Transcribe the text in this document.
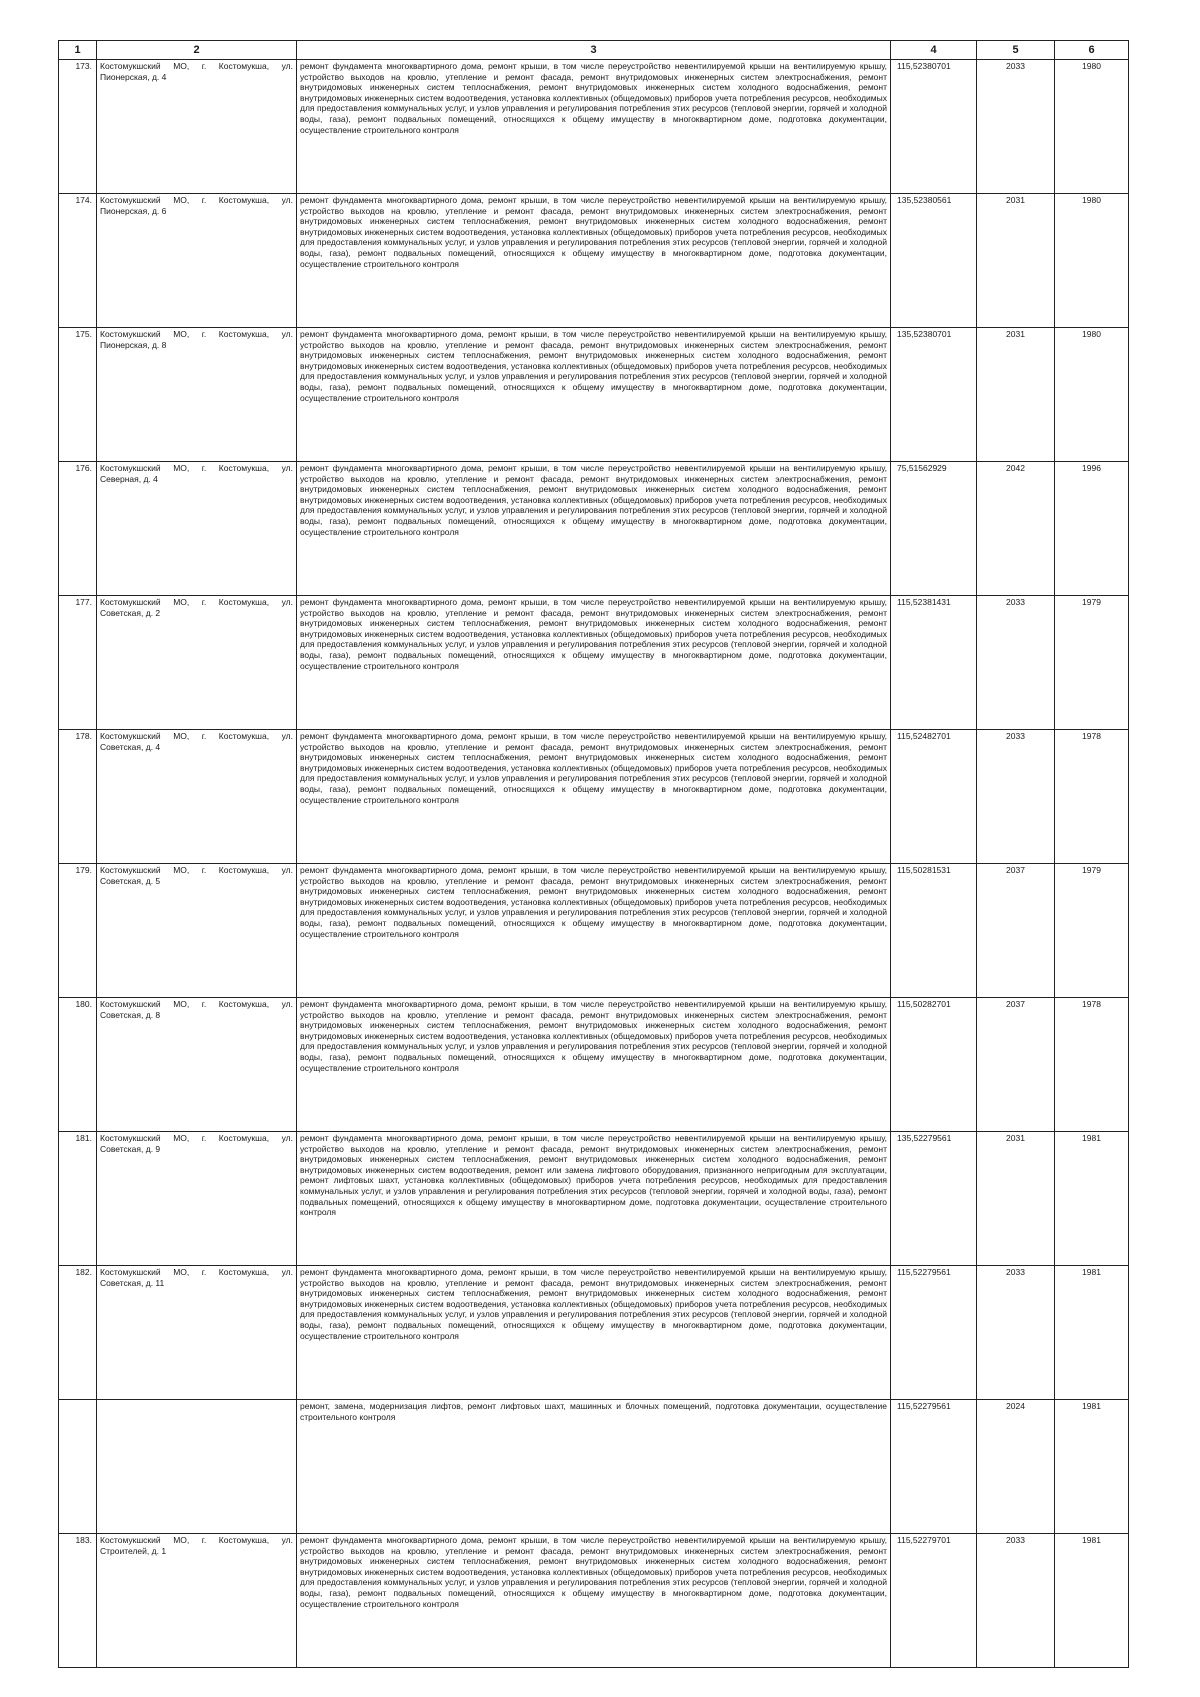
1	2	3	4	5	6
173.	Костомукшский МО, г. Костомукша, ул. Пионерская, д. 4	ремонт фундамента многоквартирного дома, ремонт крыши, в том числе переустройство невентилируемой крыши на вентилируемую крышу, устройство выходов на кровлю, утепление и ремонт фасада, ремонт внутридомовых инженерных систем электроснабжения, ремонт внутридомовых инженерных систем теплоснабжения, ремонт внутридомовых инженерных систем холодного водоснабжения, ремонт внутридомовых инженерных систем водоотведения, установка коллективных (общедомовых) приборов учета потребления ресурсов, необходимых для предоставления коммунальных услуг, и узлов управления и регулирования потребления этих ресурсов (тепловой энергии, горячей и холодной воды, газа), ремонт подвальных помещений, относящихся к общему имуществу в многоквартирном доме, подготовка документации, осуществление строительного контроля	115,52380701	2033	1980
174.	Костомукшский МО, г. Костомукша, ул. Пионерская, д. 6	ремонт фундамента многоквартирного дома, ремонт крыши, в том числе переустройство невентилируемой крыши на вентилируемую крышу, устройство выходов на кровлю, утепление и ремонт фасада, ремонт внутридомовых инженерных систем электроснабжения, ремонт внутридомовых инженерных систем теплоснабжения, ремонт внутридомовых инженерных систем холодного водоснабжения, ремонт внутридомовых инженерных систем водоотведения, установка коллективных (общедомовых) приборов учета потребления ресурсов, необходимых для предоставления коммунальных услуг, и узлов управления и регулирования потребления этих ресурсов (тепловой энергии, горячей и холодной воды, газа), ремонт подвальных помещений, относящихся к общему имуществу в многоквартирном доме, подготовка документации, осуществление строительного контроля	135,52380561	2031	1980
175.	Костомукшский МО, г. Костомукша, ул. Пионерская, д. 8	ремонт фундамента многоквартирного дома, ремонт крыши, в том числе переустройство невентилируемой крыши на вентилируемую крышу, устройство выходов на кровлю, утепление и ремонт фасада, ремонт внутридомовых инженерных систем электроснабжения, ремонт внутридомовых инженерных систем теплоснабжения, ремонт внутридомовых инженерных систем холодного водоснабжения, ремонт внутридомовых инженерных систем водоотведения, установка коллективных (общедомовых) приборов учета потребления ресурсов, необходимых для предоставления коммунальных услуг, и узлов управления и регулирования потребления этих ресурсов (тепловой энергии, горячей и холодной воды, газа), ремонт подвальных помещений, относящихся к общему имуществу в многоквартирном доме, подготовка документации, осуществление строительного контроля	135,52380701	2031	1980
176.	Костомукшский МО, г. Костомукша, ул. Северная, д. 4	ремонт фундамента многоквартирного дома, ремонт крыши, в том числе переустройство невентилируемой крыши на вентилируемую крышу, устройство выходов на кровлю, утепление и ремонт фасада, ремонт внутридомовых инженерных систем электроснабжения, ремонт внутридомовых инженерных систем теплоснабжения, ремонт внутридомовых инженерных систем холодного водоснабжения, ремонт внутридомовых инженерных систем водоотведения, установка коллективных (общедомовых) приборов учета потребления ресурсов, необходимых для предоставления коммунальных услуг, и узлов управления и регулирования потребления этих ресурсов (тепловой энергии, горячей и холодной воды, газа), ремонт подвальных помещений, относящихся к общему имуществу в многоквартирном доме, подготовка документации, осуществление строительного контроля	75,51562929	2042	1996
177.	Костомукшский МО, г. Костомукша, ул. Советская, д. 2	ремонт фундамента многоквартирного дома, ремонт крыши, в том числе переустройство невентилируемой крыши на вентилируемую крышу, устройство выходов на кровлю, утепление и ремонт фасада, ремонт внутридомовых инженерных систем электроснабжения, ремонт внутридомовых инженерных систем теплоснабжения, ремонт внутридомовых инженерных систем холодного водоснабжения, ремонт внутридомовых инженерных систем водоотведения, установка коллективных (общедомовых) приборов учета потребления ресурсов, необходимых для предоставления коммунальных услуг, и узлов управления и регулирования потребления этих ресурсов (тепловой энергии, горячей и холодной воды, газа), ремонт подвальных помещений, относящихся к общему имуществу в многоквартирном доме, подготовка документации, осуществление строительного контроля	115,52381431	2033	1979
178.	Костомукшский МО, г. Костомукша, ул. Советская, д. 4	ремонт фундамента многоквартирного дома, ремонт крыши, в том числе переустройство невентилируемой крыши на вентилируемую крышу, устройство выходов на кровлю, утепление и ремонт фасада, ремонт внутридомовых инженерных систем электроснабжения, ремонт внутридомовых инженерных систем теплоснабжения, ремонт внутридомовых инженерных систем холодного водоснабжения, ремонт внутридомовых инженерных систем водоотведения, установка коллективных (общедомовых) приборов учета потребления ресурсов, необходимых для предоставления коммунальных услуг, и узлов управления и регулирования потребления этих ресурсов (тепловой энергии, горячей и холодной воды, газа), ремонт подвальных помещений, относящихся к общему имуществу в многоквартирном доме, подготовка документации, осуществление строительного контроля	115,52482701	2033	1978
179.	Костомукшский МО, г. Костомукша, ул. Советская, д. 5	ремонт фундамента многоквартирного дома, ремонт крыши, в том числе переустройство невентилируемой крыши на вентилируемую крышу, устройство выходов на кровлю, утепление и ремонт фасада, ремонт внутридомовых инженерных систем электроснабжения, ремонт внутридомовых инженерных систем теплоснабжения, ремонт внутридомовых инженерных систем холодного водоснабжения, ремонт внутридомовых инженерных систем водоотведения, установка коллективных (общедомовых) приборов учета потребления ресурсов, необходимых для предоставления коммунальных услуг, и узлов управления и регулирования потребления этих ресурсов (тепловой энергии, горячей и холодной воды, газа), ремонт подвальных помещений, относящихся к общему имуществу в многоквартирном доме, подготовка документации, осуществление строительного контроля	115,50281531	2037	1979
180.	Костомукшский МО, г. Костомукша, ул. Советская, д. 8	ремонт фундамента многоквартирного дома, ремонт крыши, в том числе переустройство невентилируемой крыши на вентилируемую крышу, устройство выходов на кровлю, утепление и ремонт фасада, ремонт внутридомовых инженерных систем электроснабжения, ремонт внутридомовых инженерных систем теплоснабжения, ремонт внутридомовых инженерных систем холодного водоснабжения, ремонт внутридомовых инженерных систем водоотведения, установка коллективных (общедомовых) приборов учета потребления ресурсов, необходимых для предоставления коммунальных услуг, и узлов управления и регулирования потребления этих ресурсов (тепловой энергии, горячей и холодной воды, газа), ремонт подвальных помещений, относящихся к общему имуществу в многоквартирном доме, подготовка документации, осуществление строительного контроля	115,50282701	2037	1978
181.	Костомукшский МО, г. Костомукша, ул. Советская, д. 9	ремонт фундамента многоквартирного дома, ремонт крыши, в том числе переустройство невентилируемой крыши на вентилируемую крышу, устройство выходов на кровлю, утепление и ремонт фасада, ремонт внутридомовых инженерных систем электроснабжения, ремонт внутридомовых инженерных систем теплоснабжения, ремонт внутридомовых инженерных систем холодного водоснабжения, ремонт внутридомовых инженерных систем водоотведения, ремонт или замена лифтового оборудования, признанного непригодным для эксплуатации, ремонт лифтовых шахт, установка коллективных (общедомовых) приборов учета потребления ресурсов, необходимых для предоставления коммунальных услуг, и узлов управления и регулирования потребления этих ресурсов (тепловой энергии, горячей и холодной воды, газа), ремонт подвальных помещений, относящихся к общему имуществу в многоквартирном доме, подготовка документации, осуществление строительного контроля	135,52279561	2031	1981
182.	Костомукшский МО, г. Костомукша, ул. Советская, д. 11	ремонт фундамента многоквартирного дома, ремонт крыши, в том числе переустройство невентилируемой крыши на вентилируемую крышу, устройство выходов на кровлю, утепление и ремонт фасада, ремонт внутридомовых инженерных систем электроснабжения, ремонт внутридомовых инженерных систем теплоснабжения, ремонт внутридомовых инженерных систем холодного водоснабжения, ремонт внутридомовых инженерных систем водоотведения, установка коллективных (общедомовых) приборов учета потребления ресурсов, необходимых для предоставления коммунальных услуг, и узлов управления и регулирования потребления этих ресурсов (тепловой энергии, горячей и холодной воды, газа), ремонт подвальных помещений, относящихся к общему имуществу в многоквартирном доме, подготовка документации, осуществление строительного контроля	115,52279561	2033	1981
		ремонт, замена, модернизация лифтов, ремонт лифтовых шахт, машинных и блочных помещений, подготовка документации, осуществление строительного контроля	115,52279561	2024	1981
183.	Костомукшский МО, г. Костомукша, ул. Строителей, д. 1	ремонт фундамента многоквартирного дома, ремонт крыши, в том числе переустройство невентилируемой крыши на вентилируемую крышу, устройство выходов на кровлю, утепление и ремонт фасада, ремонт внутридомовых инженерных систем электроснабжения, ремонт внутридомовых инженерных систем теплоснабжения, ремонт внутридомовых инженерных систем холодного водоснабжения, ремонт внутридомовых инженерных систем водоотведения, установка коллективных (общедомовых) приборов учета потребления ресурсов, необходимых для предоставления коммунальных услуг, и узлов управления и регулирования потребления этих ресурсов (тепловой энергии, горячей и холодной воды, газа), ремонт подвальных помещений, относящихся к общему имуществу в многоквартирном доме, подготовка документации, осуществление строительного контроля	115,52279701	2033	1981
